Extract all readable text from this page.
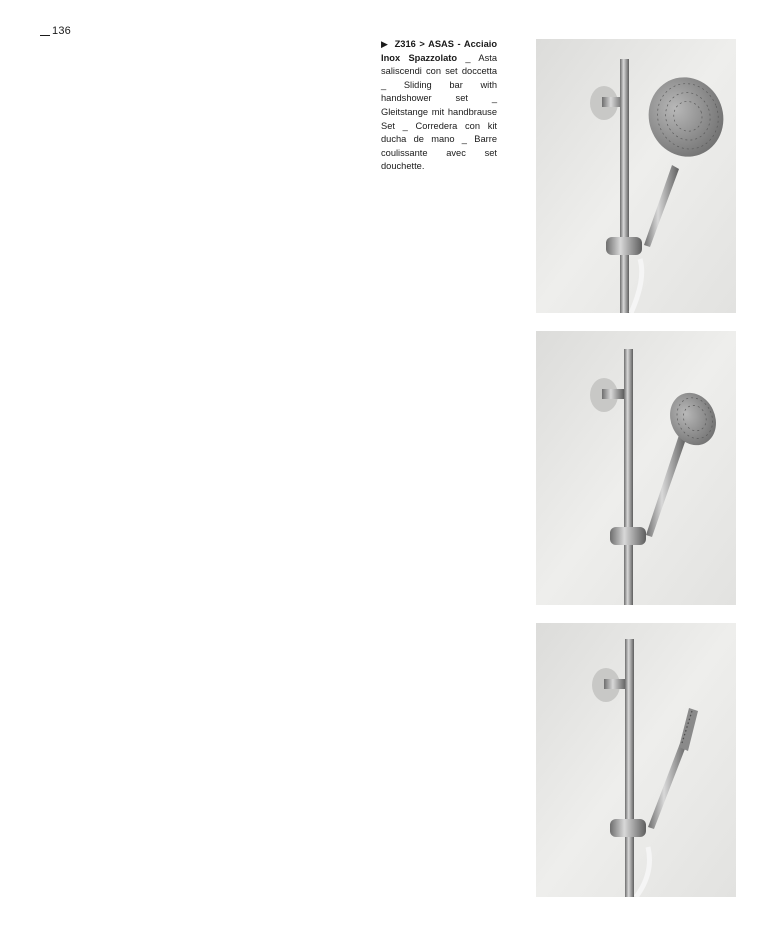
136
▶ Z316 > ASAS - Acciaio Inox Spazzolato _ Asta saliscendi con set doccetta _ Sliding bar with handshower set _ Gleitstange mit handbrause Set _ Corredera con kit ducha de mano _ Barre coulissante avec set douchette.
